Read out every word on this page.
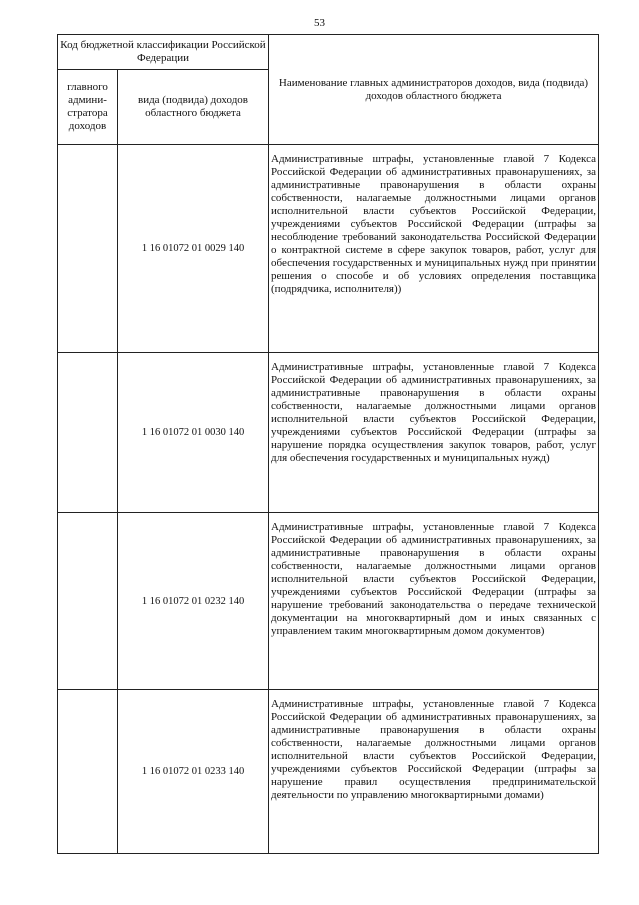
53
Код бюджетной классификации Российской Федерации		Наименование главных администраторов доходов, вида (подвида) доходов областного бюджета
главного админи-стратора доходов	вида (подвида) доходов областного бюджета	
	1 16 01072 01 0029 140	Административные штрафы, установленные главой 7 Кодекса Российской Федерации об административных правонарушениях, за административные правонарушения в области охраны собственности, налагаемые должностными лицами органов исполнительной власти субъектов Российской Федерации, учреждениями субъектов Российской Федерации (штрафы за несоблюдение требований законодательства Российской Федерации о контрактной системе в сфере закупок товаров, работ, услуг для обеспечения государственных и муниципальных нужд при принятии решения о способе и об условиях определения поставщика (подрядчика, исполнителя))

	1 16 01072 01 0030 140	Административные штрафы, установленные главой 7 Кодекса Российской Федерации об административных правонарушениях, за административные правонарушения в области охраны собственности, налагаемые должностными лицами органов исполнительной власти субъектов Российской Федерации, учреждениями субъектов Российской Федерации (штрафы за нарушение порядка осуществления закупок товаров, работ, услуг для обеспечения государственных и муниципальных нужд)

	1 16 01072 01 0232 140	Административные штрафы, установленные главой 7 Кодекса Российской Федерации об административных правонарушениях, за административные правонарушения в области охраны собственности, налагаемые должностными лицами органов исполнительной власти субъектов Российской Федерации, учреждениями субъектов Российской Федерации (штрафы за нарушение требований законодательства о передаче технической документации на многоквартирный дом и иных связанных с управлением таким многоквартирным домом документов)

	1 16 01072 01 0233 140	Административные штрафы, установленные главой 7 Кодекса Российской Федерации об административных правонарушениях, за административные правонарушения в области охраны собственности, налагаемые должностными лицами органов исполнительной власти субъектов Российской Федерации, учреждениями субъектов Российской Федерации (штрафы за нарушение правил осуществления предпринимательской деятельности по управлению многоквартирными домами)
